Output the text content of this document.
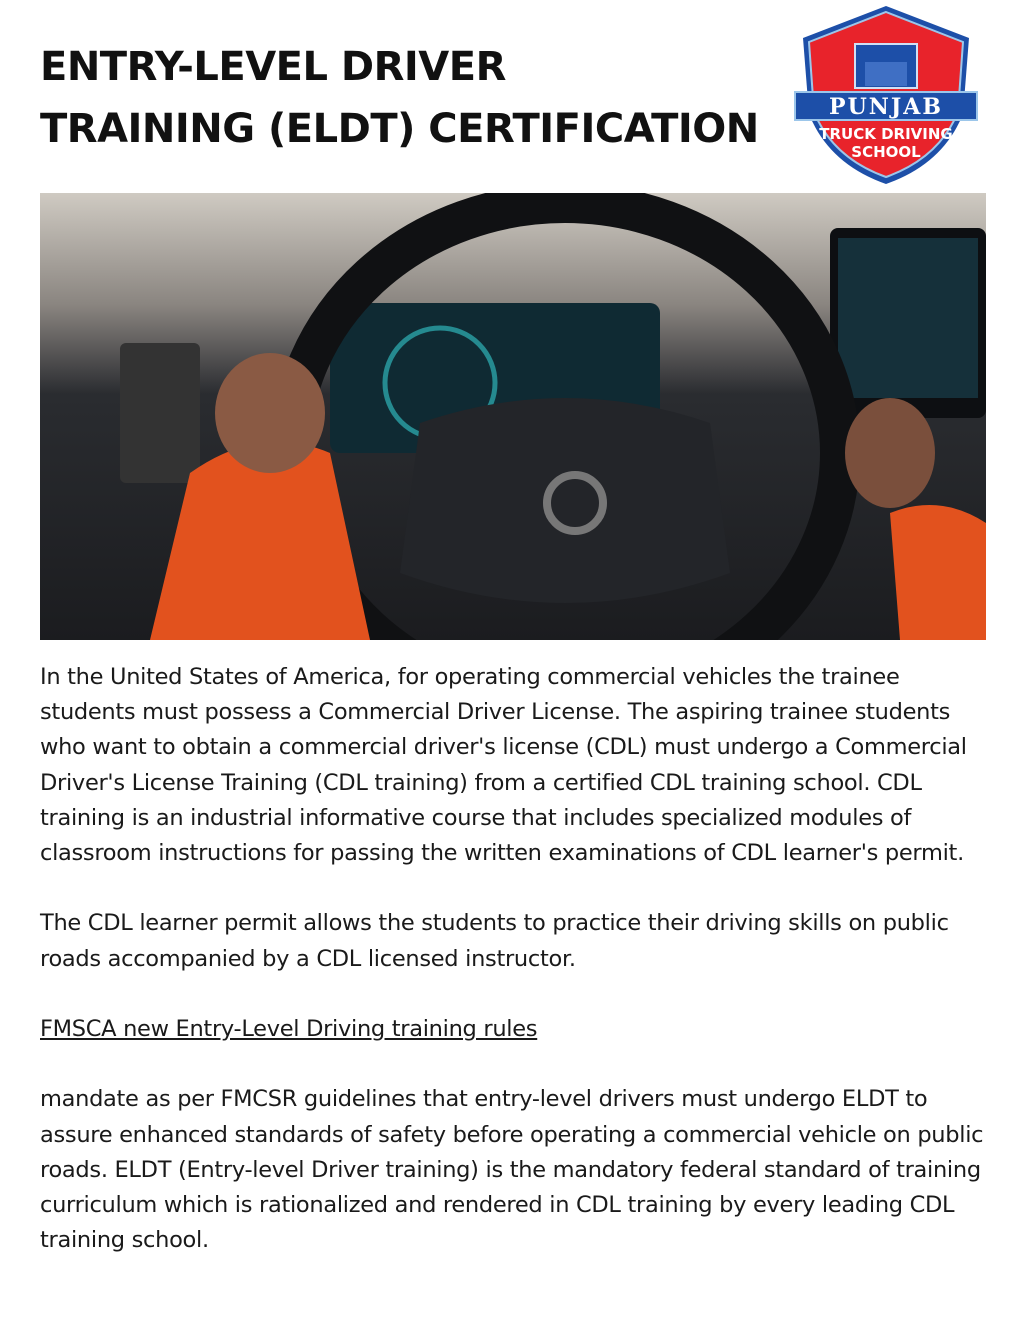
ENTRY-LEVEL DRIVER
TRAINING (ELDT) CERTIFICATION	PUNJAB
TRUCK DRIVING
SCHOOL

In the United States of America, for operating commercial vehicles the trainee students must possess a Commercial Driver License. The aspiring trainee students who want to obtain a commercial driver's license (CDL) must undergo a Commercial Driver's License Training (CDL training) from a certified CDL training school. CDL training is an industrial informative course that includes specialized modules of classroom instructions for passing the written examinations of CDL learner's permit.

The CDL learner permit allows the students to practice their driving skills on public roads accompanied by a CDL licensed instructor.

FMSCA new Entry-Level Driving training rules

mandate as per FMCSR guidelines that entry-level drivers must undergo ELDT to assure enhanced standards of safety before operating a commercial vehicle on public roads. ELDT (Entry-level Driver training) is the mandatory federal standard of training curriculum which is rationalized and rendered in CDL training by every leading CDL training school.
